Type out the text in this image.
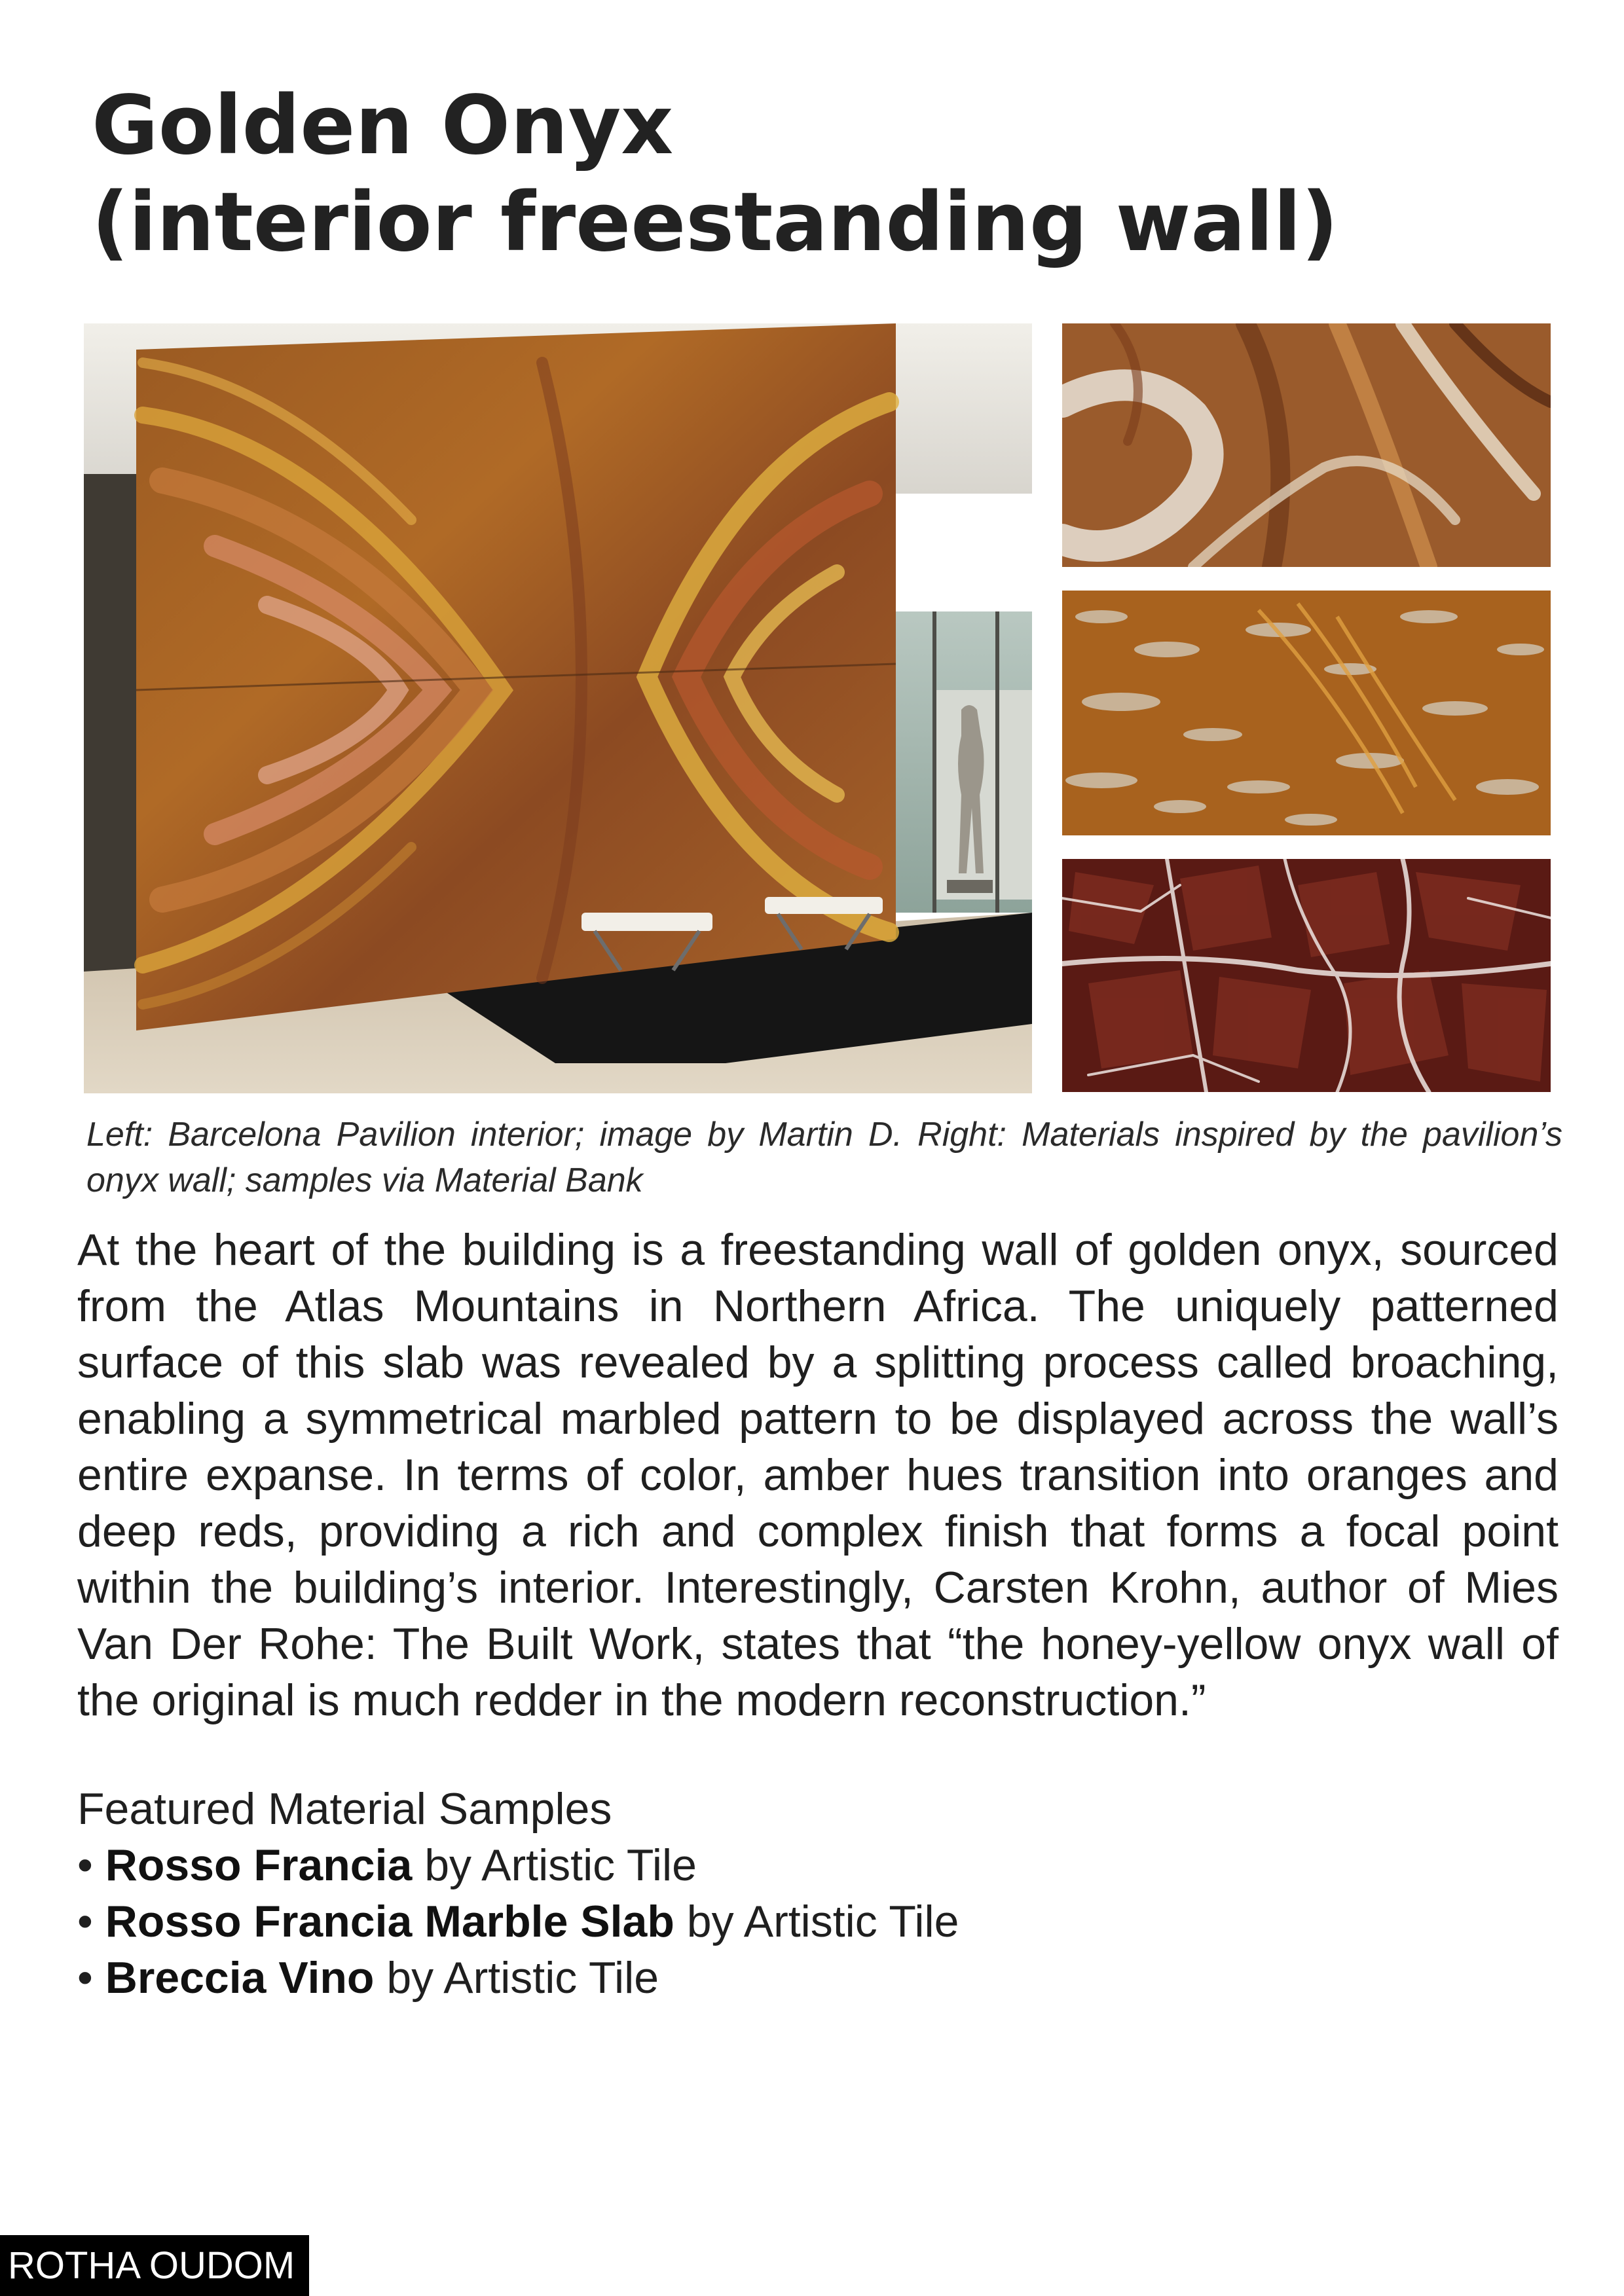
Golden Onyx
(interior freestanding wall)

Left: Barcelona Pavilion interior; image by Martin D. Right: Materials inspired by the pavilion’s onyx wall; samples via Material Bank

At the heart of the building is a freestanding wall of golden onyx, sourced from the Atlas Mountains in Northern Africa. The uniquely patterned surface of this slab was revealed by a splitting process called broaching, enabling a symmetrical marbled pattern to be displayed across the wall’s entire expanse. In terms of color, amber hues transition into oranges and deep reds, providing a rich and complex finish that forms a focal point within the building’s interior. Interestingly, Carsten Krohn, author of Mies Van Der Rohe: The Built Work, states that “the honey-yellow onyx wall of the original is much redder in the modern reconstruction.”

Featured Material Samples
• Rosso Francia by Artistic Tile
• Rosso Francia Marble Slab by Artistic Tile
• Breccia Vino by Artistic Tile
ROTHA OUDOM
